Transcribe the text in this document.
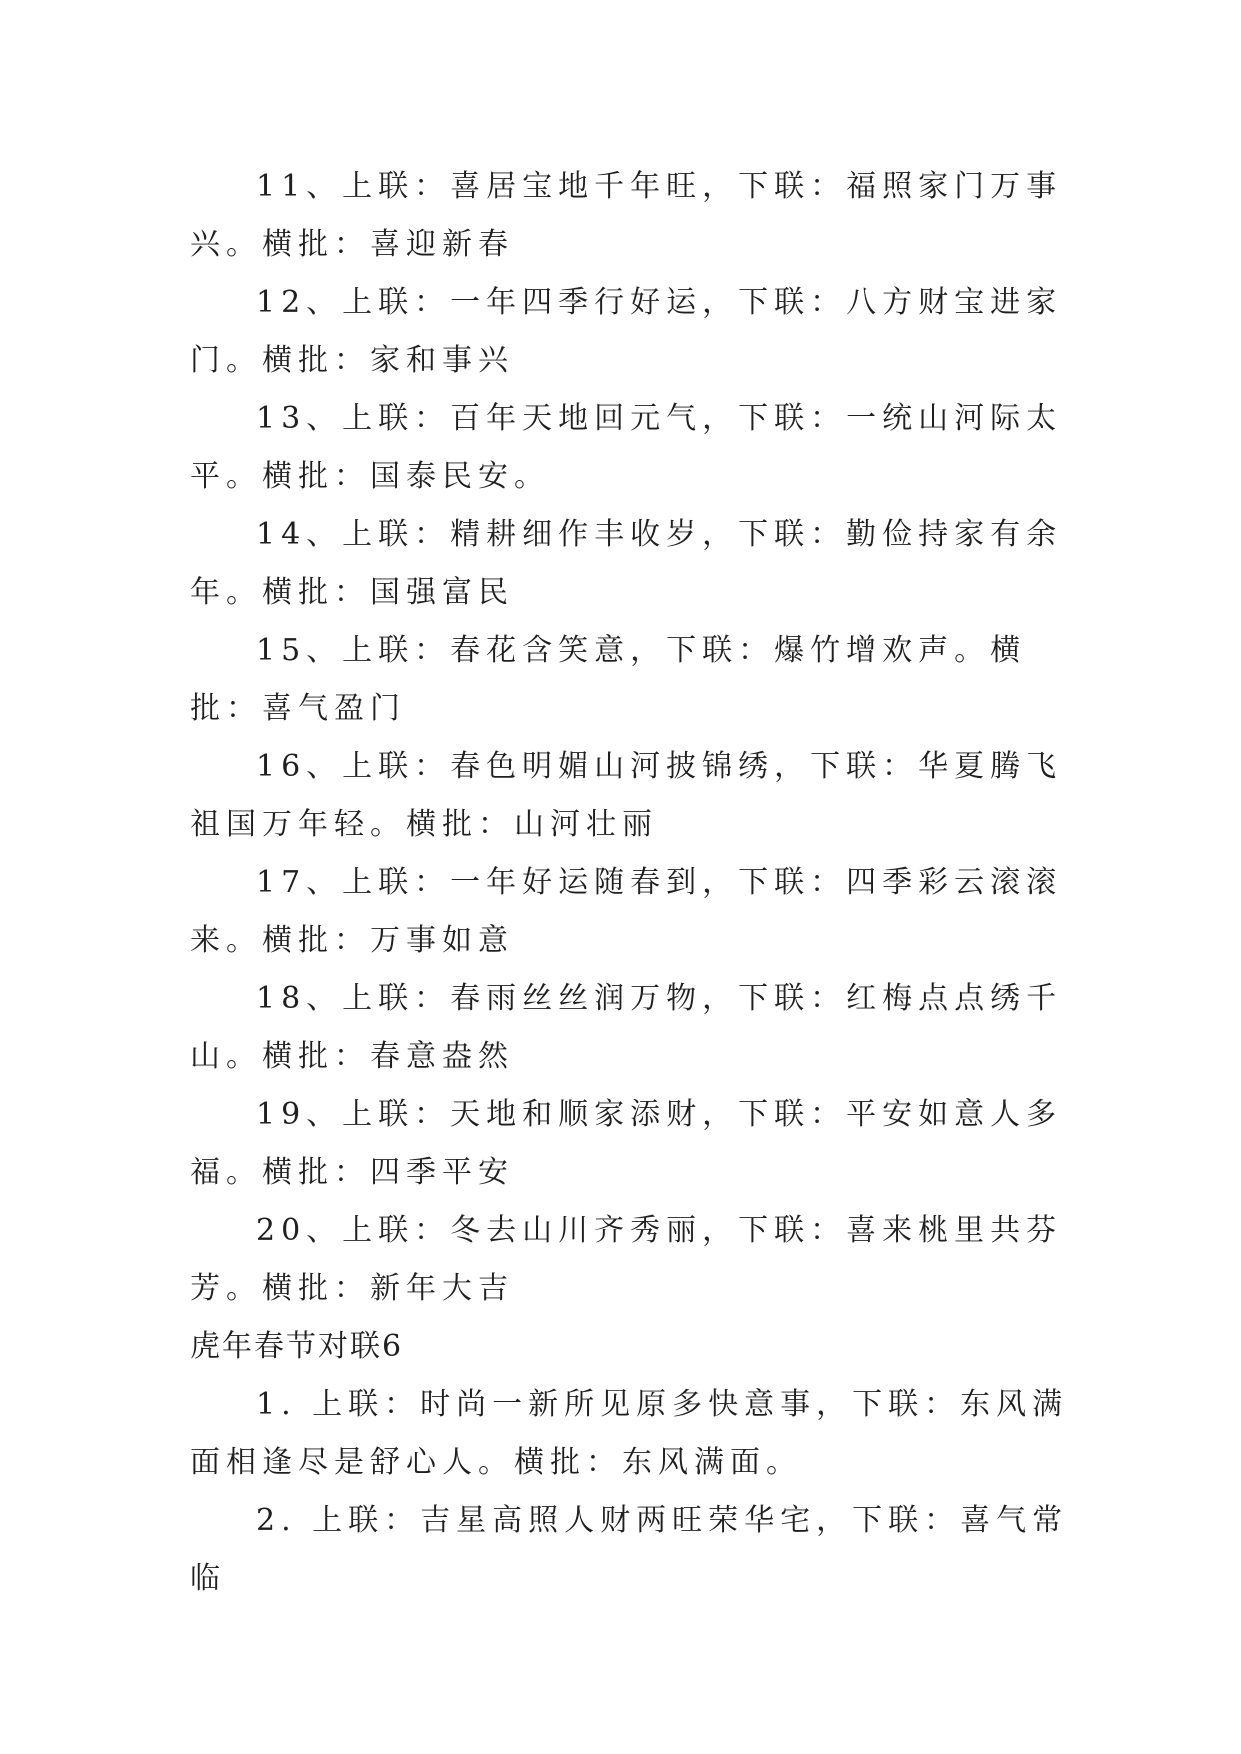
11、上联：喜居宝地千年旺，下联：福照家门万事兴。横批：喜迎新春

12、上联：一年四季行好运，下联：八方财宝进家门。横批：家和事兴

13、上联：百年天地回元气，下联：一统山河际太平。横批：国泰民安。

14、上联：精耕细作丰收岁，下联：勤俭持家有余年。横批：国强富民

15、上联：春花含笑意，下联：爆竹增欢声。横批：喜气盈门

16、上联：春色明媚山河披锦绣，下联：华夏腾飞祖国万年轻。横批：山河壮丽

17、上联：一年好运随春到，下联：四季彩云滚滚来。横批：万事如意

18、上联：春雨丝丝润万物，下联：红梅点点绣千山。横批：春意盎然

19、上联：天地和顺家添财，下联：平安如意人多福。横批：四季平安

20、上联：冬去山川齐秀丽，下联：喜来桃里共芬芳。横批：新年大吉

虎年春节对联6

1. 上联：时尚一新所见原多快意事，下联：东风满面相逢尽是舒心人。横批：东风满面。

2. 上联：吉星高照人财两旺荣华宅，下联：喜气常临
